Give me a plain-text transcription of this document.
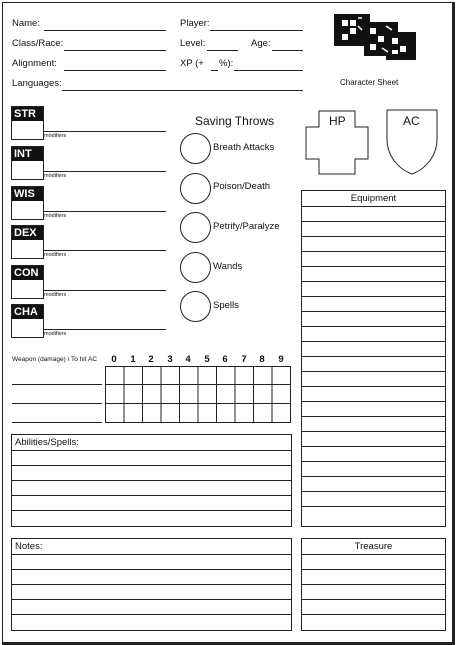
Name:	Player:
Class/Race:	Level:	Age:
Alignment:	XP (+ %):
Languages:	Character Sheet
STR
modifiers
INT
modifiers
WIS
modifiers
DEX
modifiers
CON
modifiers
CHA
modifiers
Saving Throws
Breath Attacks
Poison/Death
Petrify/Paralyze
Wands
Spells
HP	AC
Equipment
Weapon (damage) \ To hit AC 0 1 2 3 4 5 6 7 8 9
Abilities/Spells:
Notes:	Treasure
